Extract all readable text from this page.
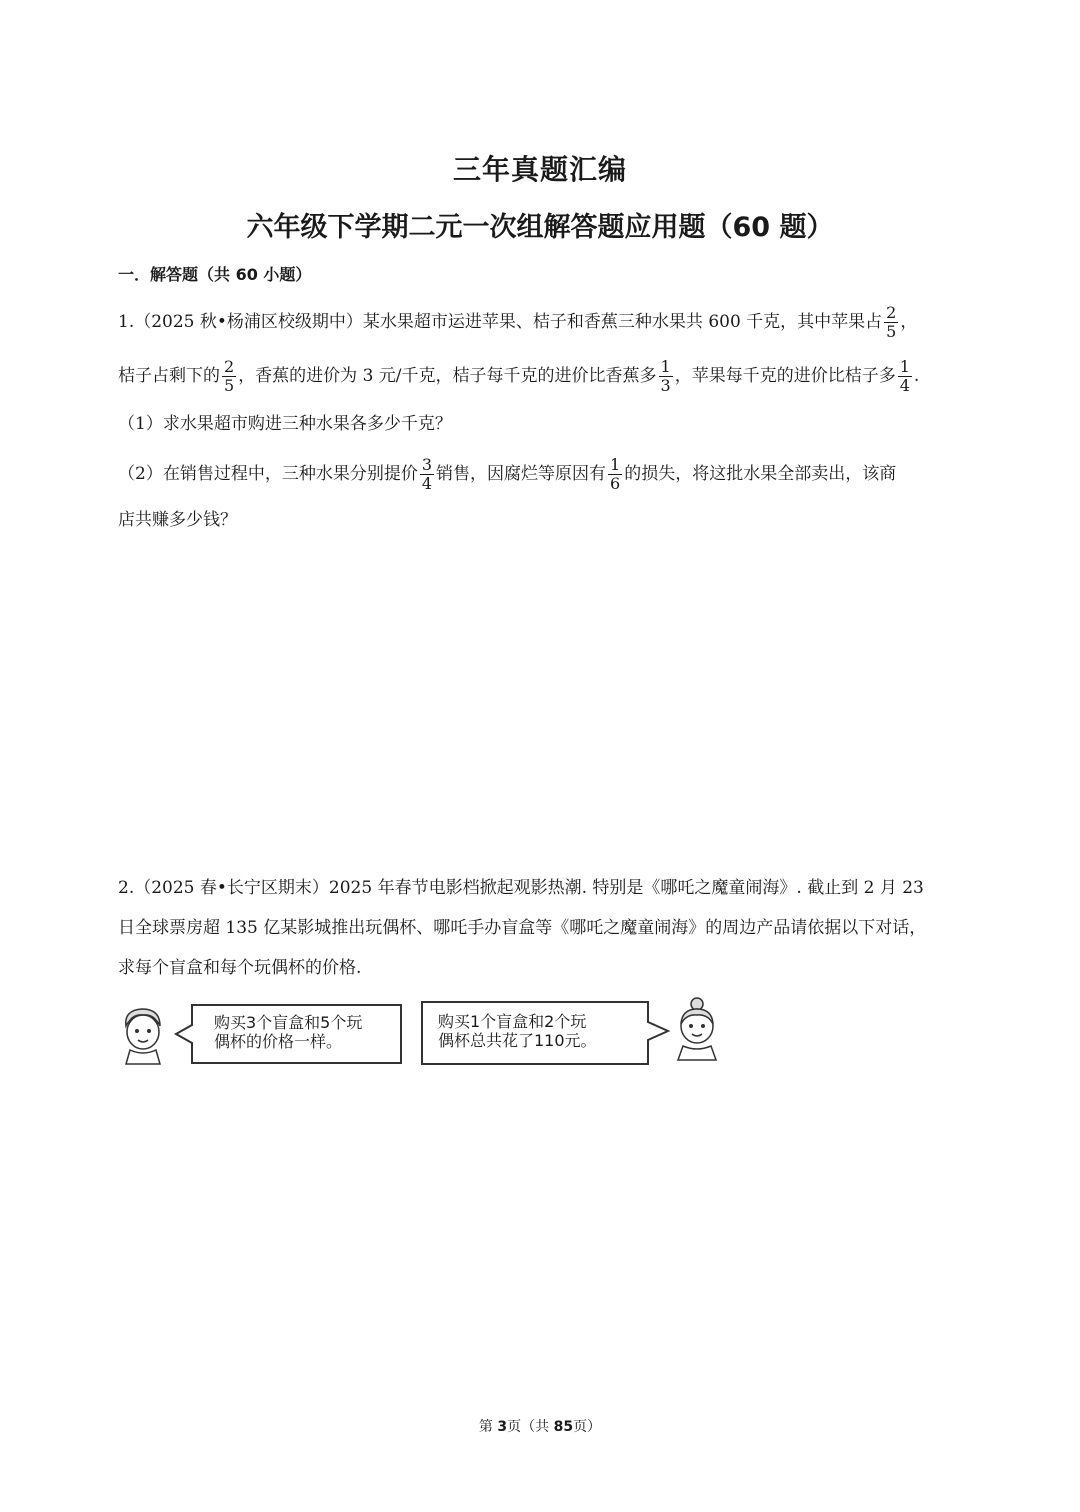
三年真题汇编
六年级下学期二元一次组解答题应用题（60 题）
一．解答题（共 60 小题）
1.（2025 秋•杨浦区校级期中）某水果超市运进苹果、桔子和香蕉三种水果共 600 千克，其中苹果占 $\frac{2}{5}$ ，
桔子占剩下的 $\frac{2}{5}$ ，香蕉的进价为 3 元/千克，桔子每千克的进价比香蕉多 $\frac{1}{3}$ ，苹果每千克的进价比桔子多 $\frac{1}{4}$ .
（1）求水果超市购进三种水果各多少千克？
（2）在销售过程中，三种水果分别提价 $\frac{3}{4}$ 销售，因腐烂等原因有 $\frac{1}{6}$ 的损失，将这批水果全部卖出，该商
店共赚多少钱？
2.（2025 春•长宁区期末）2025 年春节电影档掀起观影热潮. 特别是《哪吒之魔童闹海》. 截止到 2 月 23
日全球票房超 135 亿某影城推出玩偶杯、哪吒手办盲盒等《哪吒之魔童闹海》的周边产品请依据以下对话，
求每个盲盒和每个玩偶杯的价格.
购买3个盲盒和5个玩
偶杯的价格一样。
购买1个盲盒和2个玩
偶杯总共花了110元。
第 3页（共 85页）
